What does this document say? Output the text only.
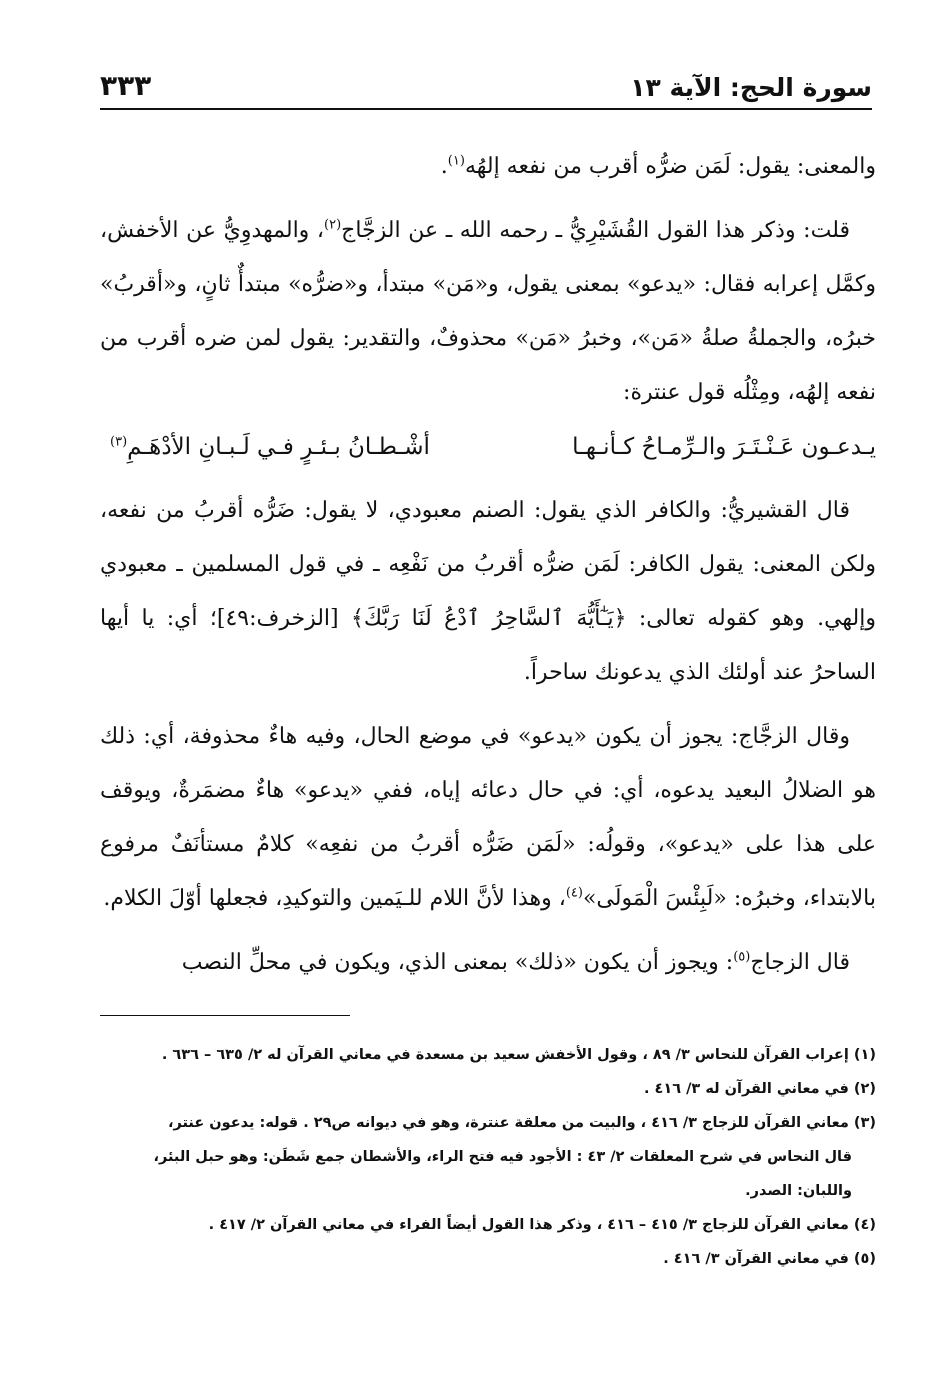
سورة الحج: الآية ١٣
٣٣٣

والمعنى: يقول: لَمَن ضرُّه أقرب من نفعه إلهُه$^{(١)}$.

قلت: وذكر هذا القول القُشَيْرِيُّ ـ رحمه الله ـ عن الزجَّاج$^{(٢)}$، والمهدوِيُّ عن الأخفش، وكمَّل إعرابه فقال: «يدعو» بمعنى يقول، و«مَن» مبتدأ، و«ضرُّه» مبتدأٌ ثانٍ، و«أقربُ» خبرُه، والجملةُ صلةُ «مَن»، وخبرُ «مَن» محذوفٌ، والتقدير: يقول لمن ضره أقرب من نفعه إلهُه، ومِثْلُه قول عنترة:

يـدعـون عَـنْـتَـرَ والـرِّمـاحُ كـأنـهـا
أشْـطـانُ بـئـرٍ فـي لَـبـانِ الأدْهَـمِ$^{(٣)}$

قال القشيريُّ: والكافر الذي يقول: الصنم معبودي، لا يقول: ضَرُّه أقربُ من نفعه، ولكن المعنى: يقول الكافر: لَمَن ضرُّه أقربُ من نَفْعِه ـ في قول المسلمين ـ معبودي وإلهي. وهو كقوله تعالى: ﴿يَـٰٓأَيُّهَ ٱلسَّاحِرُ ٱدْعُ لَنَا رَبَّكَ﴾ [الزخرف:٤٩]؛ أي: يا أيها الساحرُ عند أولئك الذي يدعونك ساحراً.

وقال الزجَّاج: يجوز أن يكون «يدعو» في موضع الحال، وفيه هاءٌ محذوفة، أي: ذلك هو الضلالُ البعيد يدعوه، أي: في حال دعائه إياه، ففي «يدعو» هاءٌ مضمَرةٌ، ويوقف على هذا على «يدعو»، وقولُه: «لَمَن ضَرُّه أقربُ من نفعِه» كلامٌ مستأنَفٌ مرفوع بالابتداء، وخبرُه: «لَبِئْسَ الْمَولَى»$^{(٤)}$، وهذا لأنَّ اللام للـيَمين والتوكيدِ، فجعلها أوّلَ الكلام.

قال الزجاج$^{(٥)}$: ويجوز أن يكون «ذلك» بمعنى الذي، ويكون في محلِّ النصب

(١) إعراب القرآن للنحاس ٣/ ٨٩ ، وقول الأخفش سعيد بن مسعدة في معاني القرآن له ٢/ ٦٣٥ – ٦٣٦ .

(٢) في معاني القرآن له ٣/ ٤١٦ .

(٣) معاني القرآن للزجاج ٣/ ٤١٦ ، والبيت من معلقة عنترة، وهو في ديوانه ص٢٩ . قوله: يدعون عنتر،

قال النحاس في شرح المعلقات ٢/ ٤٣ : الأجود فيه فتح الراء، والأشطان جمع شَطَن: وهو حبل البئر،

واللبان: الصدر.

(٤) معاني القرآن للزجاج ٣/ ٤١٥ – ٤١٦ ، وذكر هذا القول أيضاً الفراء في معاني القرآن ٢/ ٤١٧ .

(٥) في معاني القرآن ٣/ ٤١٦ .
